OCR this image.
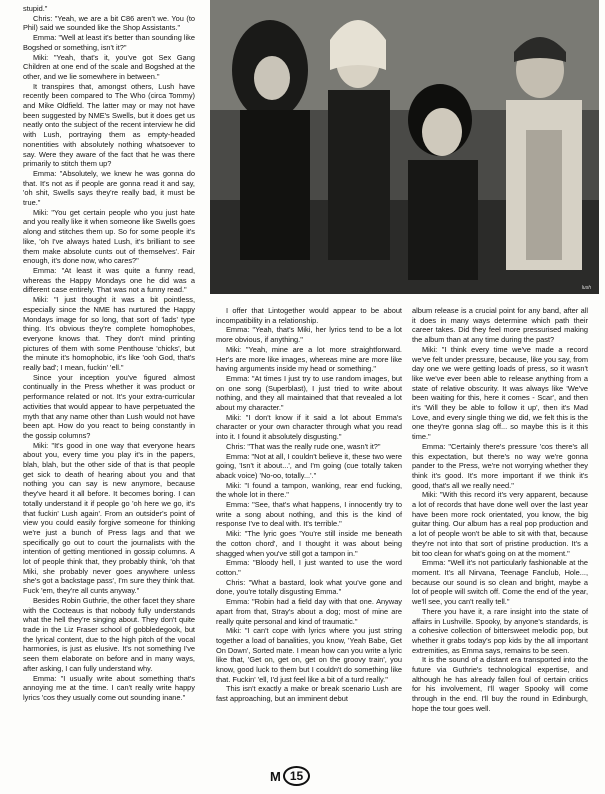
stupid."

Chris: "Yeah, we are a bit C86 aren't we. You (to Phil) said we sounded like the Shop Assistants."

Emma: "Well at least it's better than sounding like Bogshed or something, isn't it?"

Miki: "Yeah, that's it, you've got Sex Gang Children at one end of the scale and Bogshed at the other, and we lie somewhere in between."

It transpires that, amongst others, Lush have recently been compared to The Who (circa Tommy) and Mike Oldfield. The latter may or may not have been suggested by NME's Swells, but it does get us neatly onto the subject of the recent interview he did with Lush, portraying them as empty-headed nonentities with absolutely nothing whatsoever to say. Were they aware of the fact that he was there primarily to stitch them up?

Emma: "Absolutely, we knew he was gonna do that. It's not as if people are gonna read it and say, 'oh shit, Swells says they're really bad, it must be true."

Miki: "You get certain people who you just hate and you really like it when someone like Swells goes along and stitches them up. So for some people it's like, 'oh I've always hated Lush, it's brilliant to see them make absolute cunts out of themselves'. Fair enough, it's done now, who cares?"

Emma: "At least it was quite a funny read, whereas the Happy Mondays one he did was a different case entirely. That was not a funny read."

Miki: "I just thought it was a bit pointless, especially since the NME has nurtured the Happy Mondays image for so long, that sort of 'lads' type thing. It's obvious they're complete homophobes, everyone knows that. They don't mind printing pictures of them with some Penthouse 'chicks', but the minute it's homophobic, it's like 'ooh God, that's really bad'; I mean, fuckin' 'ell."

Since your inception you've figured almost continually in the Press whether it was product or performance related or not. It's your extra-curricular activities that would appear to have perpetuated the myth that any name other than Lush would not have been apt. How do you react to being constantly in the gossip columns?

Miki: "It's good in one way that everyone hears about you, every time you play it's in the papers, blah, blah, but the other side of that is that people get sick to death of hearing about you and that nothing you can say is new anymore, because they've heard it all before. It becomes boring. I can totally understand it if people go 'oh here we go, it's that fuckin' Lush again'. From an outsider's point of view you could easily forgive someone for thinking we're just a bunch of Press lags and that we specifically go out to court the journalists with the intention of getting mentioned in gossip columns. A lot of people think that, they probably think, 'oh that Miki, she probably never goes anywhere unless she's got a backstage pass', I'm sure they think that. Fuck 'em, they're all cunts anyway."

Besides Robin Guthrie, the other facet they share with the Cocteaus is that nobody fully understands what the hell they're singing about. They don't quite trade in the Liz Fraser school of gobbledegook, but the lyrical content, due to the high pitch of the vocal harmonies, is just as elusive. It's not something I've seen them elaborate on before and in many ways, after asking, I can fully understand why.

Emma: "I usually write about something that's annoying me at the time. I can't really write happy lyrics 'cos they usually come out sounding inane."

lush

I offer that Lintogether would appear to be about incompatibility in a relationship.

Emma: "Yeah, that's Miki, her lyrics tend to be a lot more obvious, if anything."

Miki: "Yeah, mine are a lot more straightforward. Her's are more like images, whereas mine are more like having arguments inside my head or something."

Emma: "At times I just try to use random images, but on one song (Superblast), I just tried to write about nothing, and they all maintained that that revealed a lot about my character."

Miki: "I don't know if it said a lot about Emma's character or your own character through what you read into it. I found it absolutely disgusting."

Chris: "That was the really rude one, wasn't it?"

Emma: "Not at all, I couldn't believe it, these two were going, 'Isn't it about...', and I'm going (cue totally taken aback voice) 'No-oo, totally...'."

Miki: "I found a tampon, wanking, rear end fucking, the whole lot in there."

Emma: "See, that's what happens, I innocently try to write a song about nothing, and this is the kind of response I've to deal with. It's terrible."

Miki: "The lyric goes 'You're still inside me beneath the cotton chord', and I thought it was about being shagged when you've still got a tampon in."

Emma: "Bloody hell, I just wanted to use the word cotton."

Chris: "What a bastard, look what you've gone and done, you're totally disgusting Emma."

Emma: "Robin had a field day with that one. Anyway apart from that, Stray's about a dog; most of mine are really quite personal and kind of traumatic."

Miki: "I can't cope with lyrics where you just string together a load of banalities, you know, 'Yeah Babe, Get On Down', Sorted mate. I mean how can you write a lyric like that, 'Get on, get on, get on the groovy train', you know, good luck to them but I couldn't do something like that. Fuckin' 'ell, I'd just feel like a bit of a turd really."

This isn't exactly a make or break scenario Lush are fast approaching, but an imminent debut

album release is a crucial point for any band, after all it does in many ways determine which path their career takes. Did they feel more pressurised making the album than at any time during the past?

Miki: "I think every time we've made a record we've felt under pressure, because, like you say, from day one we were getting loads of press, so it wasn't like we've ever been able to release anything from a state of relative obscurity. It was always like 'We've been waiting for this, here it comes - Scar', and then it's 'Will they be able to follow it up', then it's Mad Love, and every single thing we did, we felt this is the one they're gonna slag off... so maybe this is it this time."

Emma: "Certainly there's pressure 'cos there's all this expectation, but there's no way we're gonna pander to the Press, we're not worrying whether they think it's good. It's more important if we think it's good, that's all we really need."

Miki: "With this record it's very apparent, because a lot of records that have done well over the last year have been more rock orientated, you know, the big guitar thing. Our album has a real pop production and a lot of people won't be able to sit with that, because they're not into that sort of pristine production. It's a bit too clean for what's going on at the moment."

Emma: "Well it's not particularly fashionable at the moment. It's all Nirvana, Teenage Fanclub, Hole..., because our sound is so clean and bright, maybe a lot of people will switch off. Come the end of the year, we'll see, you can't really tell."

There you have it, a rare insight into the state of affairs in Lushville. Spooky, by anyone's standards, is a cohesive collection of bittersweet melodic pop, but whether it grabs today's pop kids by the all important extremities, as Emma says, remains to be seen.

It is the sound of a distant era transported into the future via Guthrie's technological expertise, and although he has already fallen foul of certain critics for his involvement, I'll wager Spooky will come through in the end. I'll buy the round in Edinburgh, hope the tour goes well.

M 15
